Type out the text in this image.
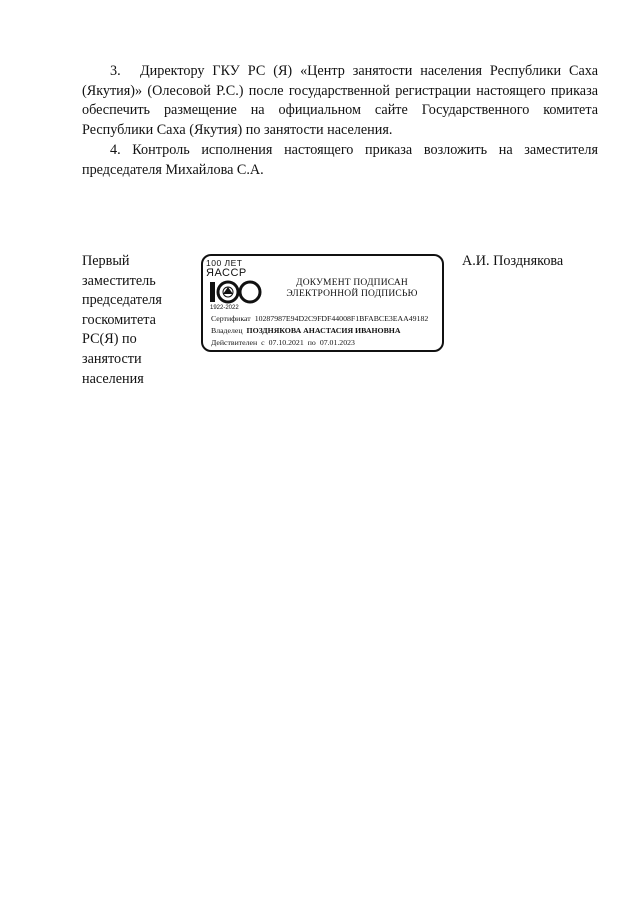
3. Директору ГКУ РС (Я) «Центр занятости населения Республики Саха (Якутия)» (Олесовой Р.С.) после государственной регистрации настоящего приказа обеспечить размещение на официальном сайте Государственного комитета Республики Саха (Якутия) по занятости населения.

4. Контроль исполнения настоящего приказа возложить на заместителя председателя Михайлова С.А.

Первый
заместитель
председателя
госкомитета
РС(Я) по
занятости
населения
100 ЛЕТ
ЯАССР
1922-2022
ДОКУМЕНТ ПОДПИСАН
ЭЛЕКТРОННОЙ ПОДПИСЬЮ
Сертификат 10287987E94D2C9FDF44008F1BFABCE3EAA49182
Владелец ПОЗДНЯКОВА АНАСТАСИЯ ИВАНОВНА
Действителен с 07.10.2021 по 07.01.2023
А.И. Позднякова
